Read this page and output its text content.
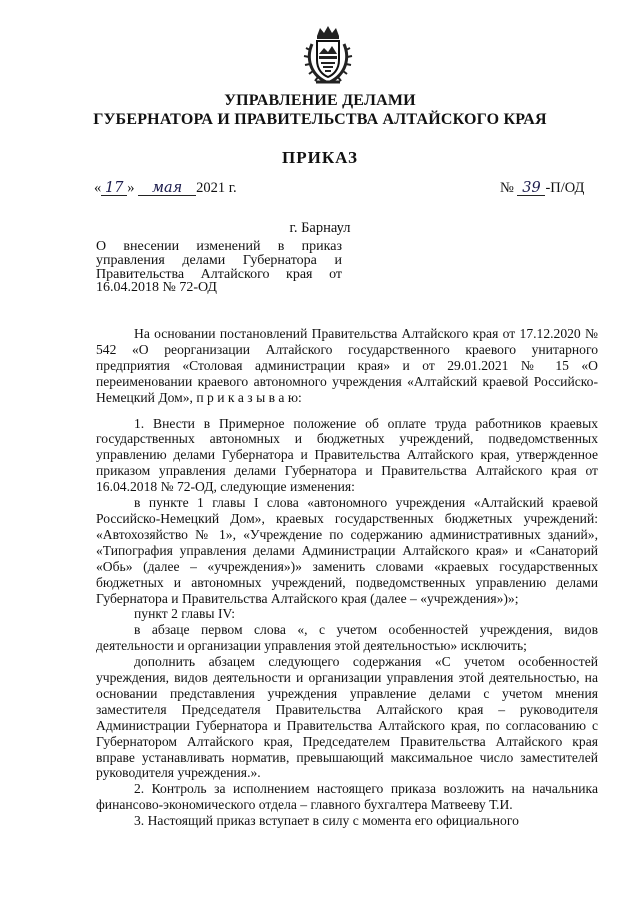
УПРАВЛЕНИЕ ДЕЛАМИ
ГУБЕРНАТОРА И ПРАВИТЕЛЬСТВА АЛТАЙСКОГО КРАЯ
ПРИКАЗ
« 17 » мая 2021 г.	№ 39 -П/ОД
г. Барнаул
О внесении изменений в приказ
управления делами Губернатора и
Правительства Алтайского края от
16.04.2018 № 72-ОД

На основании постановлений Правительства Алтайского края от 17.12.2020 № 542 «О реорганизации Алтайского государственного краевого унитарного предприятия «Столовая администрации края» и от 29.01.2021 № 15 «О переименовании краевого автономного учреждения «Алтайский краевой Российско-Немецкий Дом», п р и к а з ы в а ю:

1. Внести в Примерное положение об оплате труда работников краевых государственных автономных и бюджетных учреждений, подведомственных управлению делами Губернатора и Правительства Алтайского края, утвержденное приказом управления делами Губернатора и Правительства Алтайского края от 16.04.2018 № 72-ОД, следующие изменения:

в пункте 1 главы I слова «автономного учреждения «Алтайский краевой Российско-Немецкий Дом», краевых государственных бюджетных учреждений: «Автохозяйство № 1», «Учреждение по содержанию административных зданий», «Типография управления делами Администрации Алтайского края» и «Санаторий «Обь» (далее – «учреждения»)» заменить словами «краевых государственных бюджетных и автономных учреждений, подведомственных управлению делами Губернатора и Правительства Алтайского края (далее – «учреждения»)»;

пункт 2 главы IV:

в абзаце первом слова «, с учетом особенностей учреждения, видов деятельности и организации управления этой деятельностью» исключить;

дополнить абзацем следующего содержания «С учетом особенностей учреждения, видов деятельности и организации управления этой деятельностью, на основании представления учреждения управление делами с учетом мнения заместителя Председателя Правительства Алтайского края – руководителя Администрации Губернатора и Правительства Алтайского края, по согласованию с Губернатором Алтайского края, Председателем Правительства Алтайского края вправе устанавливать норматив, превышающий максимальное число заместителей руководителя учреждения.».

2. Контроль за исполнением настоящего приказа возложить на начальника финансово-экономического отдела – главного бухгалтера Матвееву Т.И.

3. Настоящий приказ вступает в силу с момента его официального
